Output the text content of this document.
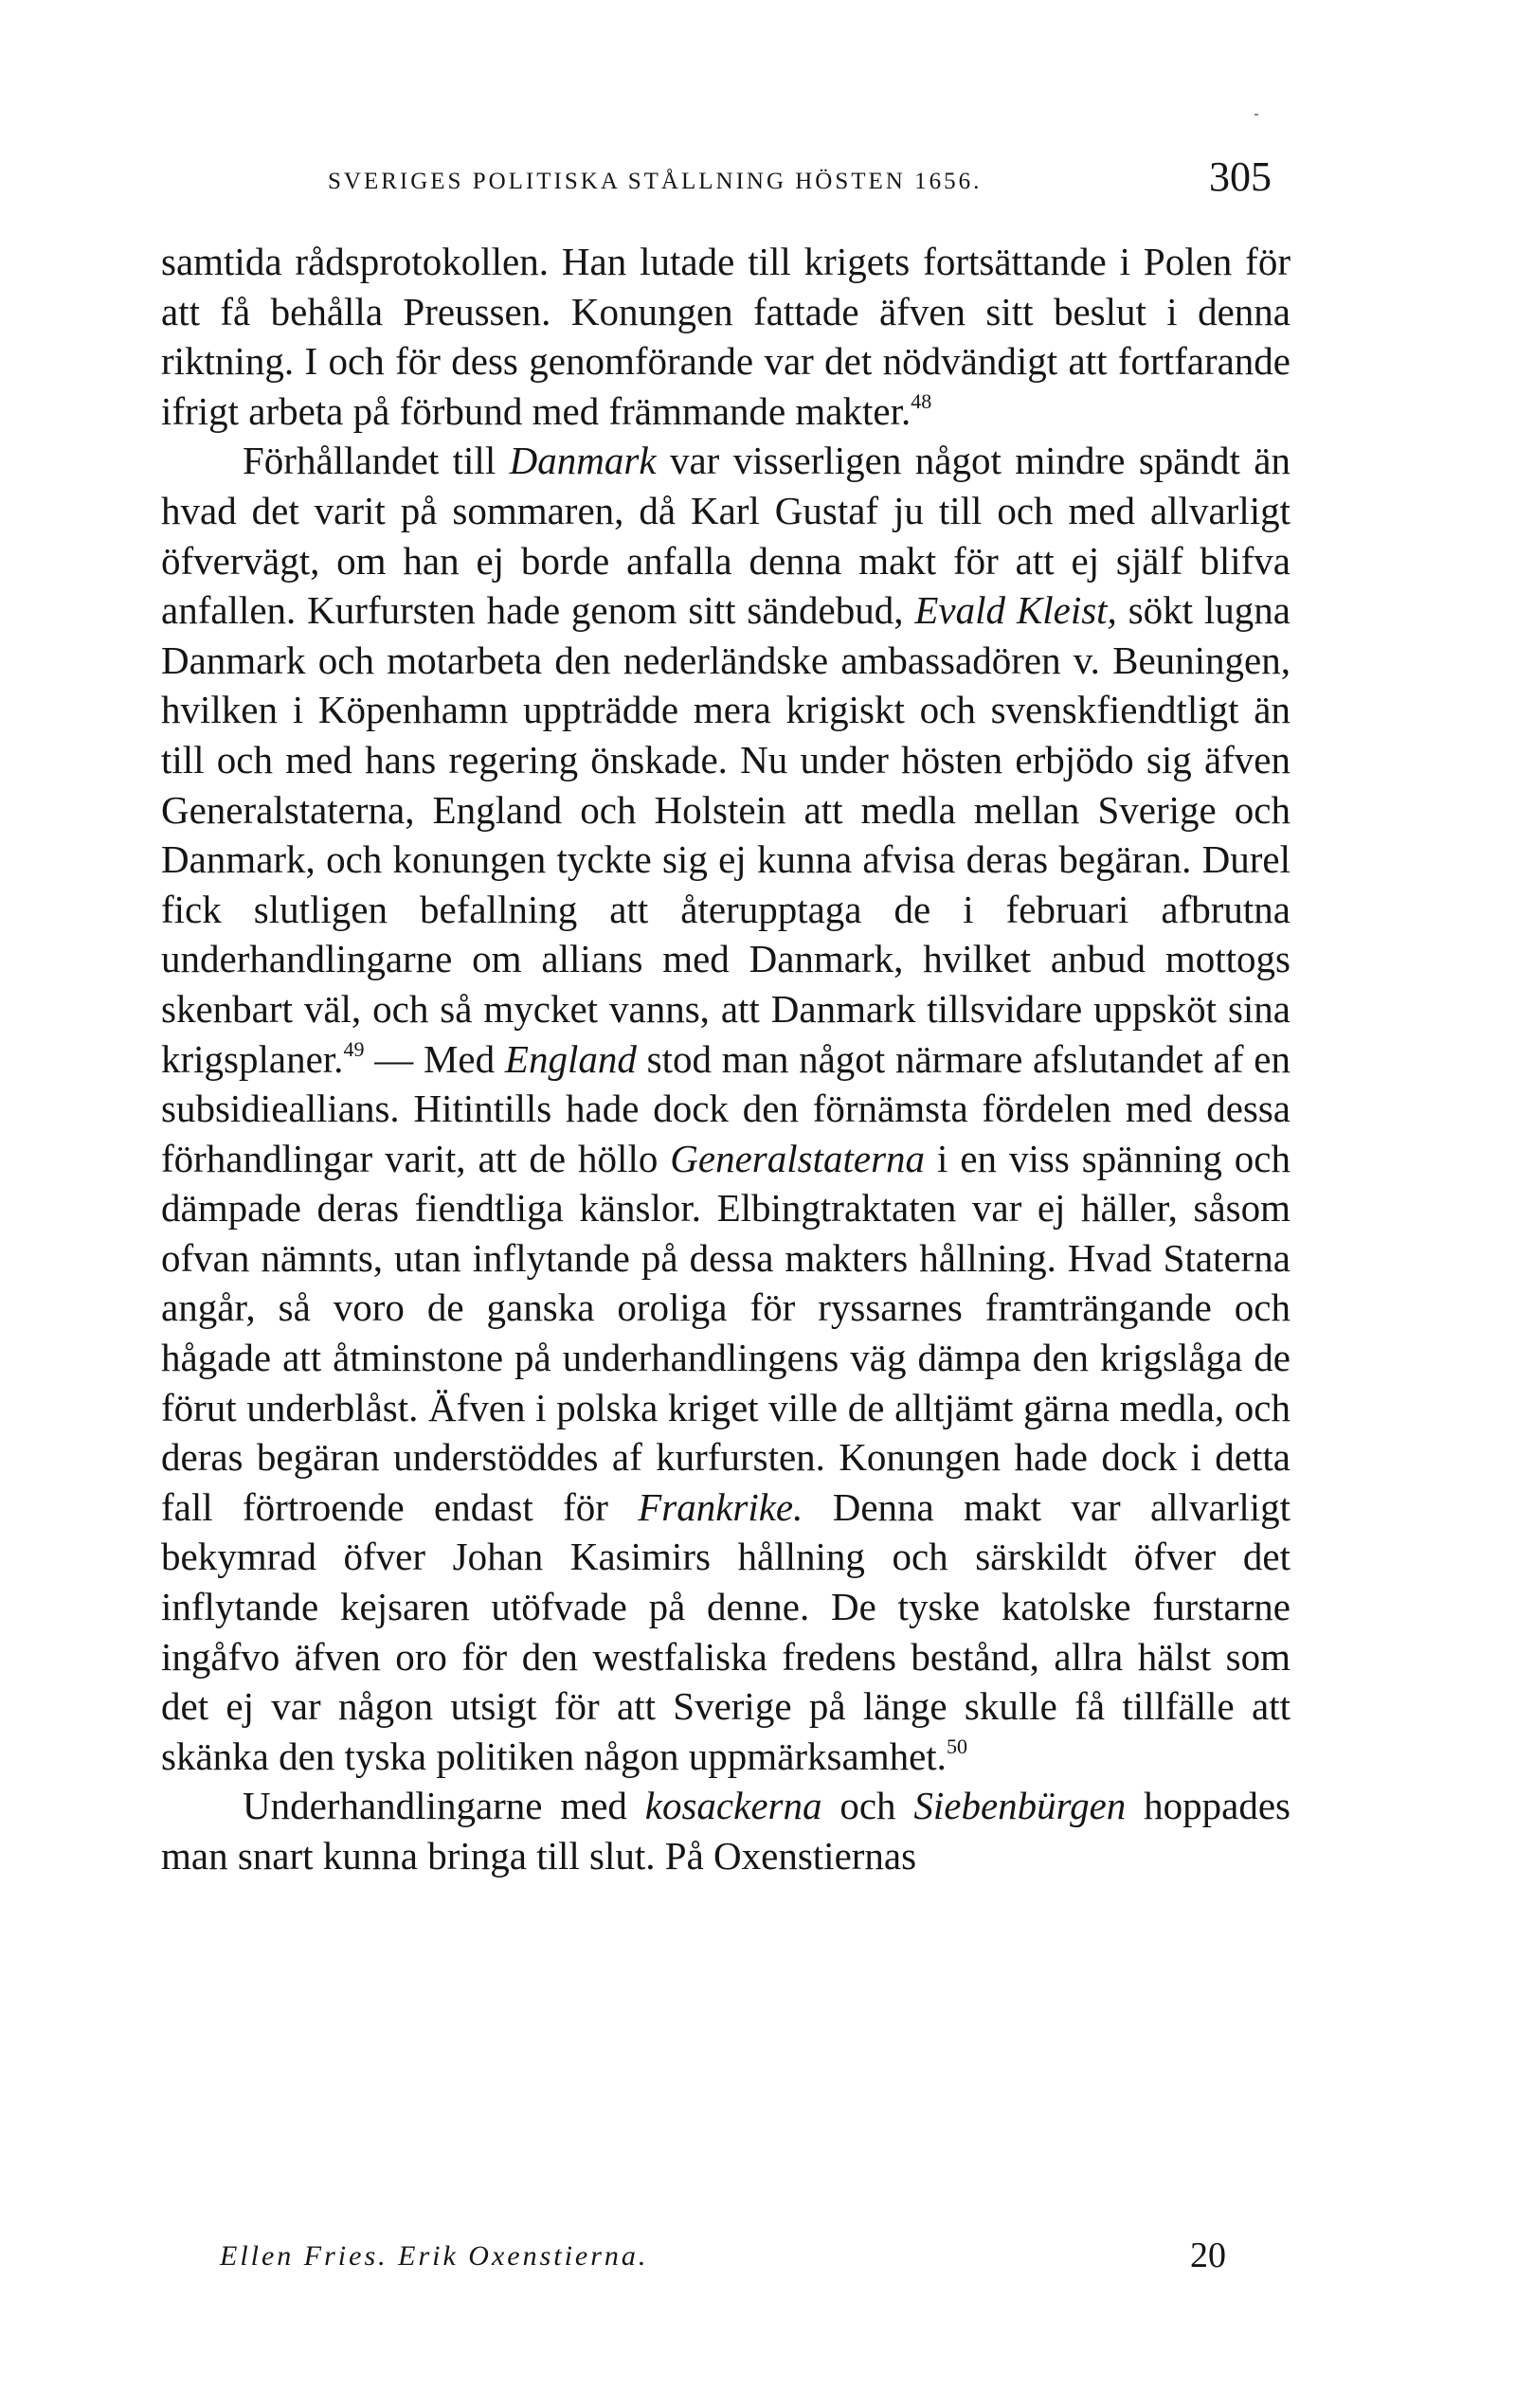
SVERIGES POLITISKA STÅLLNING HÖSTEN 1656.	305

samtida rådsprotokollen. Han lutade till krigets fortsättande i Polen för att få behålla Preussen. Konungen fattade äfven sitt beslut i denna riktning. I och för dess genomförande var det nödvändigt att fortfarande ifrigt arbeta på förbund med främmande makter.$^{48}$

Förhållandet till Danmark var visserligen något mindre spändt än hvad det varit på sommaren, då Karl Gustaf ju till och med allvarligt öfvervägt, om han ej borde anfalla denna makt för att ej själf blifva anfallen. Kurfursten hade genom sitt sändebud, Evald Kleist, sökt lugna Danmark och motarbeta den nederländske ambassadören v. Beuningen, hvilken i Köpenhamn uppträdde mera krigiskt och svenskfiendtligt än till och med hans regering önskade. Nu under hösten erbjödo sig äfven Generalstaterna, England och Holstein att medla mellan Sverige och Danmark, och konungen tyckte sig ej kunna afvisa deras begäran. Durel fick slutligen befallning att återupptaga de i februari afbrutna underhandlingarne om allians med Danmark, hvilket anbud mottogs skenbart väl, och så mycket vanns, att Danmark tillsvidare uppsköt sina krigsplaner.$^{49}$ — Med England stod man något närmare afslutandet af en subsidieallians. Hitintills hade dock den förnämsta fördelen med dessa förhandlingar varit, att de höllo Generalstaterna i en viss spänning och dämpade deras fiendtliga känslor. Elbingtraktaten var ej häller, såsom ofvan nämnts, utan inflytande på dessa makters hållning. Hvad Staterna angår, så voro de ganska oroliga för ryssarnes framträngande och hågade att åtminstone på underhandlingens väg dämpa den krigslåga de förut underblåst. Äfven i polska kriget ville de alltjämt gärna medla, och deras begäran understöddes af kurfursten. Konungen hade dock i detta fall förtroende endast för Frankrike. Denna makt var allvarligt bekymrad öfver Johan Kasimirs hållning och särskildt öfver det inflytande kejsaren utöfvade på denne. De tyske katolske furstarne ingåfvo äfven oro för den westfaliska fredens bestånd, allra hälst som det ej var någon utsigt för att Sverige på länge skulle få tillfälle att skänka den tyska politiken någon uppmärksamhet.$^{50}$

Underhandlingarne med kosackerna och Siebenbürgen hoppades man snart kunna bringa till slut. På Oxenstiernas

Ellen Fries. Erik Oxenstierna.	20
